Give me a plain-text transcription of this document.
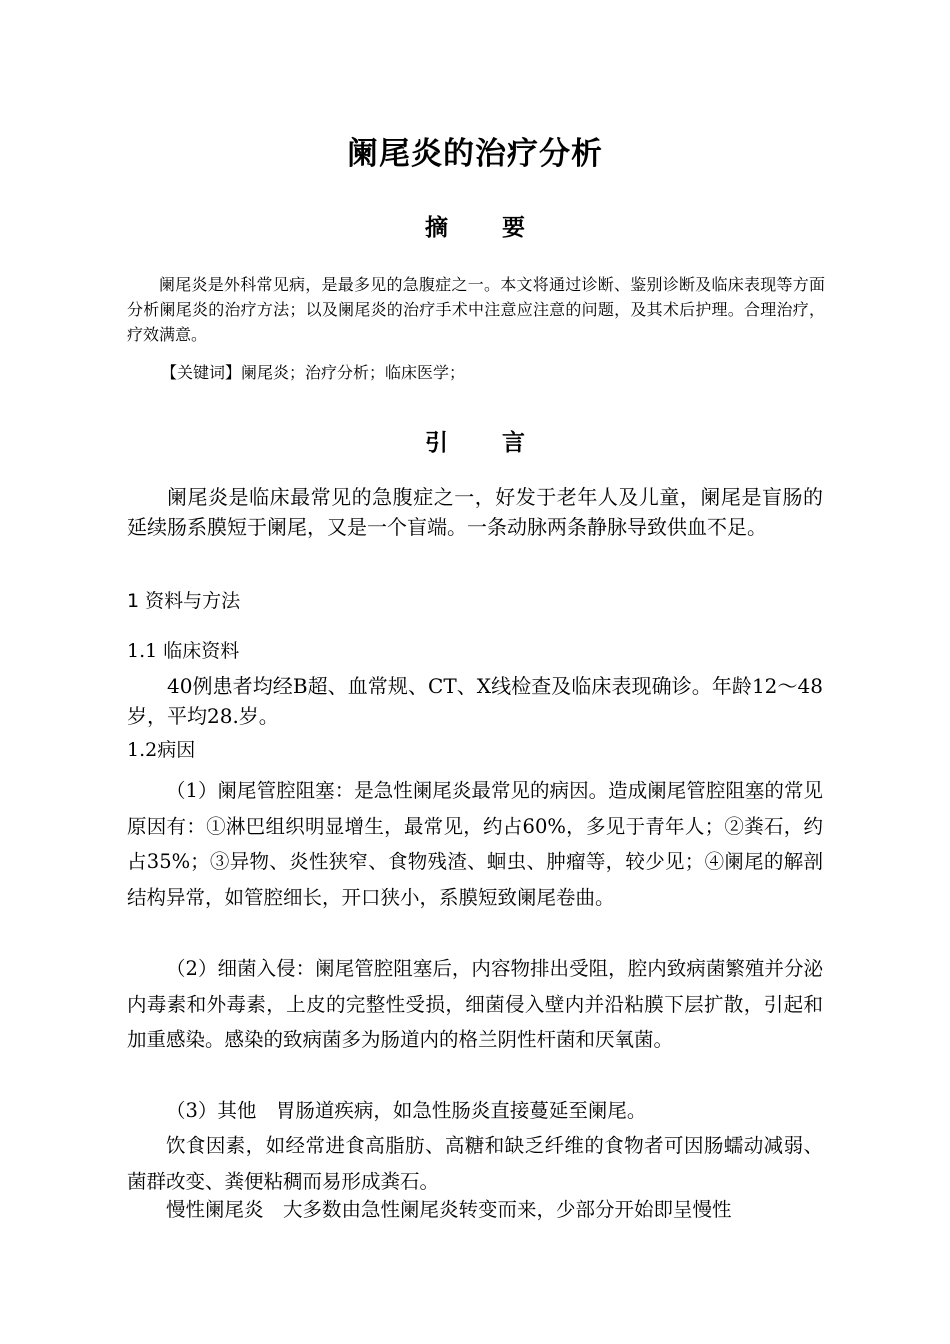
阑尾炎的治疗分析
摘 要

阑尾炎是外科常见病，是最多见的急腹症之一。本文将通过诊断、鉴别诊断及临床表现等方面分析阑尾炎的治疗方法；以及阑尾炎的治疗手术中注意应注意的问题，及其术后护理。合理治疗，疗效满意。

【关键词】阑尾炎；治疗分析；临床医学；

引 言

阑尾炎是临床最常见的急腹症之一，好发于老年人及儿童，阑尾是盲肠的延续肠系膜短于阑尾，又是一个盲端。一条动脉两条静脉导致供血不足。

1 资料与方法

1.1 临床资料

40例患者均经B超、血常规、CT、X线检查及临床表现确诊。年龄12～48岁，平均28.岁。

1.2病因

（1）阑尾管腔阻塞：是急性阑尾炎最常见的病因。造成阑尾管腔阻塞的常见原因有：①淋巴组织明显增生，最常见，约占60%，多见于青年人；②粪石，约占35%；③异物、炎性狭窄、食物残渣、蛔虫、肿瘤等，较少见；④阑尾的解剖结构异常，如管腔细长，开口狭小，系膜短致阑尾卷曲。

（2）细菌入侵：阑尾管腔阻塞后，内容物排出受阻，腔内致病菌繁殖并分泌内毒素和外毒素，上皮的完整性受损，细菌侵入壁内并沿粘膜下层扩散，引起和加重感染。感染的致病菌多为肠道内的格兰阴性杆菌和厌氧菌。

（3）其他　胃肠道疾病，如急性肠炎直接蔓延至阑尾。

饮食因素，如经常进食高脂肪、高糖和缺乏纤维的食物者可因肠蠕动减弱、菌群改变、粪便粘稠而易形成粪石。

慢性阑尾炎　大多数由急性阑尾炎转变而来，少部分开始即呈慢性
